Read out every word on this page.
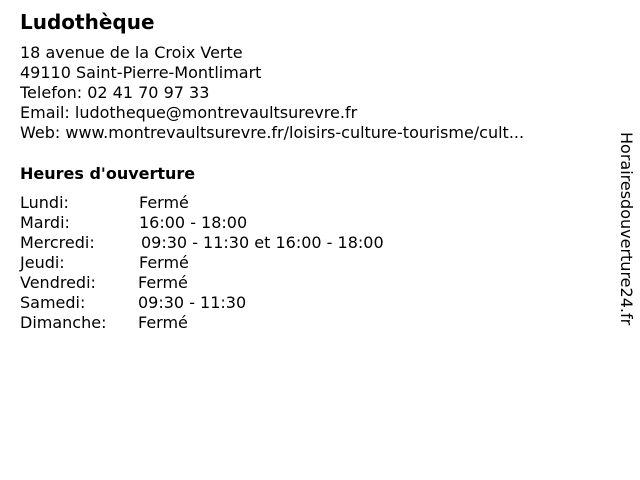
Ludothèque
18 avenue de la Croix Verte
49110 Saint-Pierre-Montlimart
Telefon: 02 41 70 97 33
Email: ludotheque@montrevaultsurevre.fr
Web: www.montrevaultsurevre.fr/loisirs-culture-tourisme/cult...
Heures d'ouverture
Lundi:	Fermé
Mardi:	16:00 - 18:00
Mercredi:	09:30 - 11:30 et 16:00 - 18:00
Jeudi:	Fermé
Vendredi:	Fermé
Samedi:	09:30 - 11:30
Dimanche: Fermé	Horairesdouverture24.fr
